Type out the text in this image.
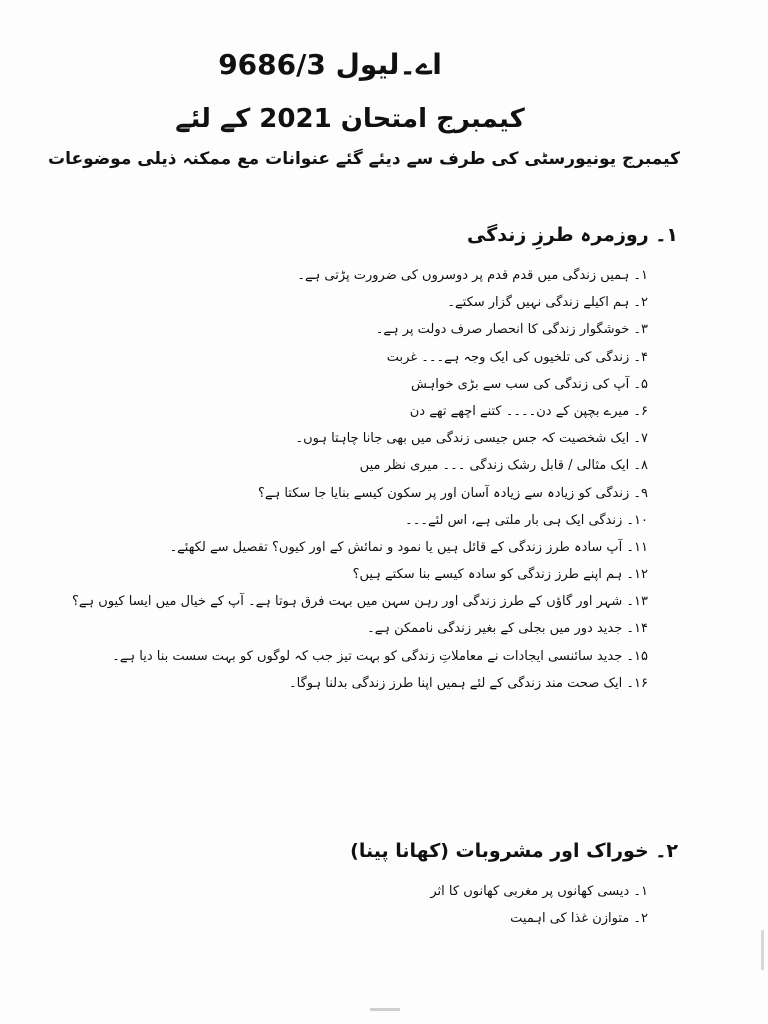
اے۔لیول 9686/3
کیمبرج امتحان 2021 کے لئے
کیمبرج یونیورسٹی کی طرف سے دیئے گئے عنوانات مع ممکنہ ذیلی موضوعات
۱۔ روزمرہ طرزِ زندگی
۱۔ ہمیں زندگی میں قدم قدم پر دوسروں کی ضرورت پڑتی ہے۔
۲۔ ہم اکیلے زندگی نہیں گزار سکتے۔
۳۔ خوشگوار زندگی کا انحصار صرف دولت پر ہے۔
۴۔ زندگی کی تلخیوں کی ایک وجہ ہے۔۔۔ غربت
۵۔ آپ کی زندگی کی سب سے بڑی خواہش
۶۔ میرے بچپن کے دن۔۔۔۔ کتنے اچھے تھے دن
۷۔ ایک شخصیت کہ جس جیسی زندگی میں بھی جانا چاہتا ہوں۔
۸۔ ایک مثالی / قابل رشک زندگی ۔۔۔ میری نظر میں
۹۔ زندگی کو زیادہ سے زیادہ آسان اور پر سکون کیسے بنایا جا سکتا ہے؟
۱۰۔ زندگی ایک ہی بار ملتی ہے، اس لئے۔۔۔
۱۱۔ آپ سادہ طرز زندگی کے قائل ہیں یا نمود و نمائش کے اور کیوں؟ تفصیل سے لکھئے۔
۱۲۔ ہم اپنے طرز زندگی کو سادہ کیسے بنا سکتے ہیں؟
۱۳۔ شہر اور گاؤں کے طرز زندگی اور رہن سہن میں بہت فرق ہوتا ہے۔ آپ کے خیال میں ایسا کیوں ہے؟
۱۴۔ جدید دور میں بجلی کے بغیر زندگی ناممکن ہے۔
۱۵۔ جدید سائنسی ایجادات نے معاملاتِ زندگی کو بہت تیز جب کہ لوگوں کو بہت سست بنا دیا ہے۔
۱۶۔ ایک صحت مند زندگی کے لئے ہمیں اپنا طرز زندگی بدلنا ہوگا۔
۲۔ خوراک اور مشروبات (کھانا پینا)
۱۔ دیسی کھانوں پر مغربی کھانوں کا اثر
۲۔ متوازن غذا کی اہمیت
